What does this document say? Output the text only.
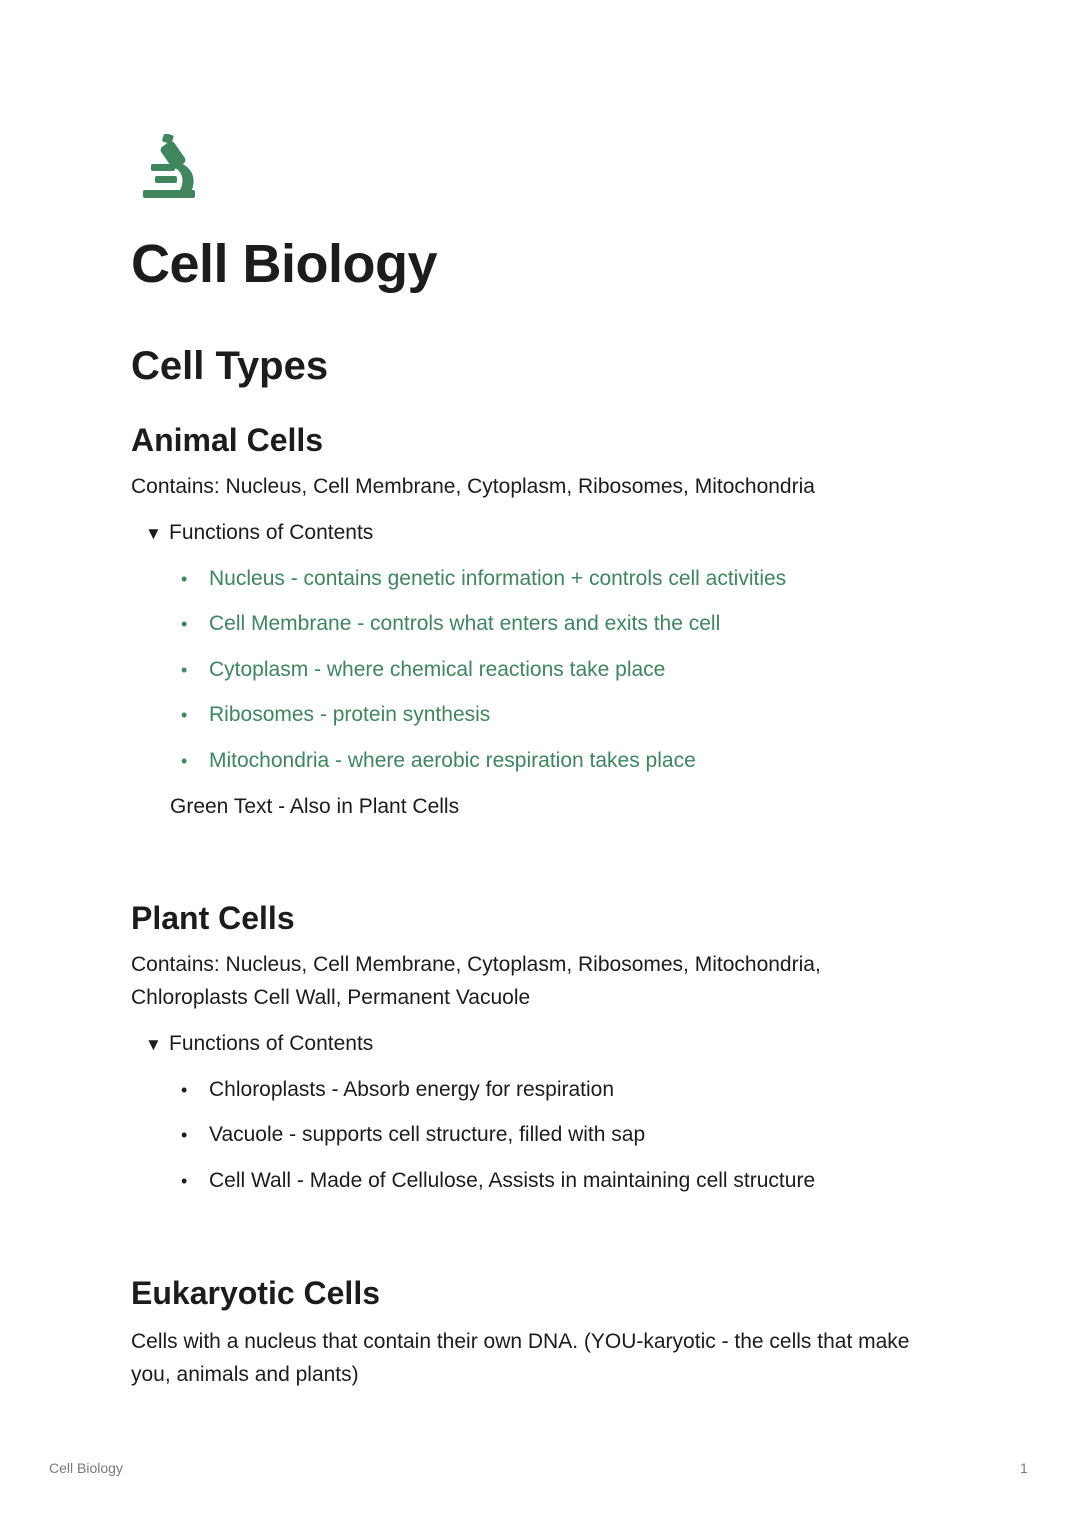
Cell Biology
Cell Types
Animal Cells

Contains: Nucleus, Cell Membrane, Cytoplasm, Ribosomes, Mitochondria

▼ Functions of Contents
• Nucleus - contains genetic information + controls cell activities
• Cell Membrane - controls what enters and exits the cell
• Cytoplasm - where chemical reactions take place
• Ribosomes - protein synthesis
• Mitochondria - where aerobic respiration takes place
Green Text - Also in Plant Cells
Plant Cells

Contains: Nucleus, Cell Membrane, Cytoplasm, Ribosomes, Mitochondria, Chloroplasts Cell Wall, Permanent Vacuole

▼ Functions of Contents
• Chloroplasts - Absorb energy for respiration
• Vacuole - supports cell structure, filled with sap
• Cell Wall - Made of Cellulose, Assists in maintaining cell structure
Eukaryotic Cells

Cells with a nucleus that contain their own DNA. (YOU-karyotic - the cells that make you, animals and plants)

Cell Biology	1
